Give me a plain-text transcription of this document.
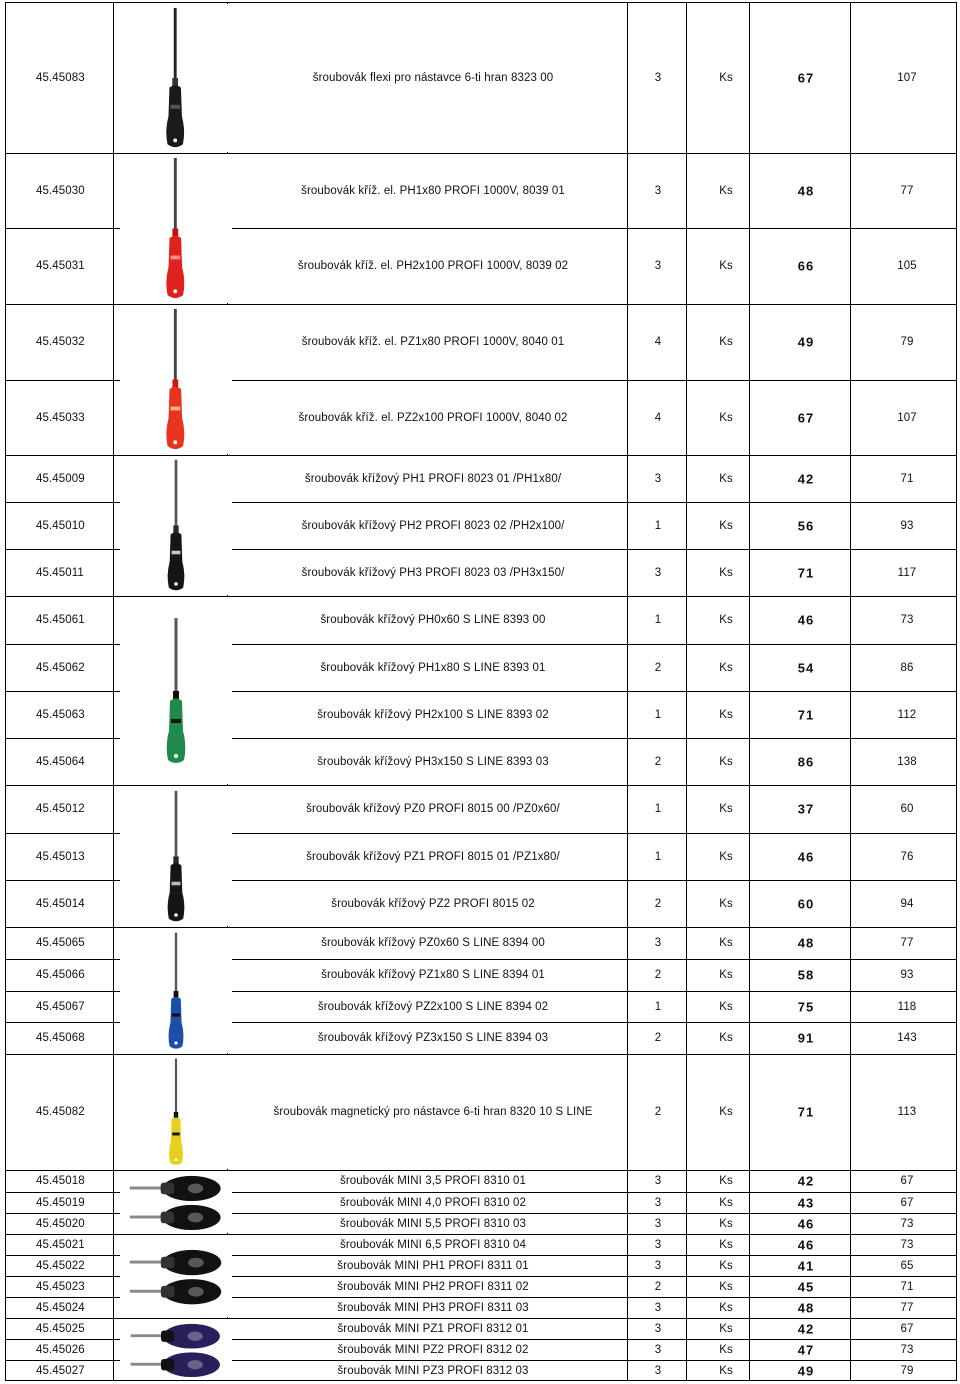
45.45083	šroubovák flexi pro nástavce 6-ti hran 8323 00	3	Ks	67	107
45.45030	šroubovák kříž. el. PH1x80 PROFI 1000V, 8039 01	3	Ks	48	77
45.45031	šroubovák kříž. el. PH2x100 PROFI 1000V, 8039 02	3	Ks	66	105
45.45032	šroubovák kříž. el. PZ1x80 PROFI 1000V, 8040 01	4	Ks	49	79
45.45033	šroubovák kříž. el. PZ2x100 PROFI 1000V, 8040 02	4	Ks	67	107
45.45009	šroubovák křížový PH1 PROFI 8023 01 /PH1x80/	3	Ks	42	71
45.45010	šroubovák křížový PH2 PROFI 8023 02 /PH2x100/	1	Ks	56	93
45.45011	šroubovák křížový PH3 PROFI 8023 03 /PH3x150/	3	Ks	71	117
45.45061	šroubovák křížový PH0x60 S LINE 8393 00	1	Ks	46	73
45.45062	šroubovák křížový PH1x80 S LINE 8393 01	2	Ks	54	86
45.45063	šroubovák křížový PH2x100 S LINE 8393 02	1	Ks	71	112
45.45064	šroubovák křížový PH3x150 S LINE 8393 03	2	Ks	86	138
45.45012	šroubovák křížový PZ0 PROFI 8015 00 /PZ0x60/	1	Ks	37	60
45.45013	šroubovák křížový PZ1 PROFI 8015 01 /PZ1x80/	1	Ks	46	76
45.45014	šroubovák křížový PZ2 PROFI 8015 02	2	Ks	60	94
45.45065	šroubovák křížový PZ0x60 S LINE 8394 00	3	Ks	48	77
45.45066	šroubovák křížový PZ1x80 S LINE 8394 01	2	Ks	58	93
45.45067	šroubovák křížový PZ2x100 S LINE 8394 02	1	Ks	75	118
45.45068	šroubovák křížový PZ3x150 S LINE 8394 03	2	Ks	91	143
45.45082	šroubovák magnetický pro nástavce 6-ti hran 8320 10 S LINE	2	Ks	71	113
45.45018	šroubovák MINI 3,5 PROFI 8310 01	3	Ks	42	67
45.45019	šroubovák MINI 4,0 PROFI 8310 02	3	Ks	43	67
45.45020	šroubovák MINI 5,5 PROFI 8310 03	3	Ks	46	73
45.45021	šroubovák MINI 6,5 PROFI 8310 04	3	Ks	46	73
45.45022	šroubovák MINI PH1 PROFI 8311 01	3	Ks	41	65
45.45023	šroubovák MINI PH2 PROFI 8311 02	2	Ks	45	71
45.45024	šroubovák MINI PH3 PROFI 8311 03	3	Ks	48	77
45.45025	šroubovák MINI PZ1 PROFI 8312 01	3	Ks	42	67
45.45026	šroubovák MINI PZ2 PROFI 8312 02	3	Ks	47	73
45.45027	šroubovák MINI PZ3 PROFI 8312 03	3	Ks	49	79
